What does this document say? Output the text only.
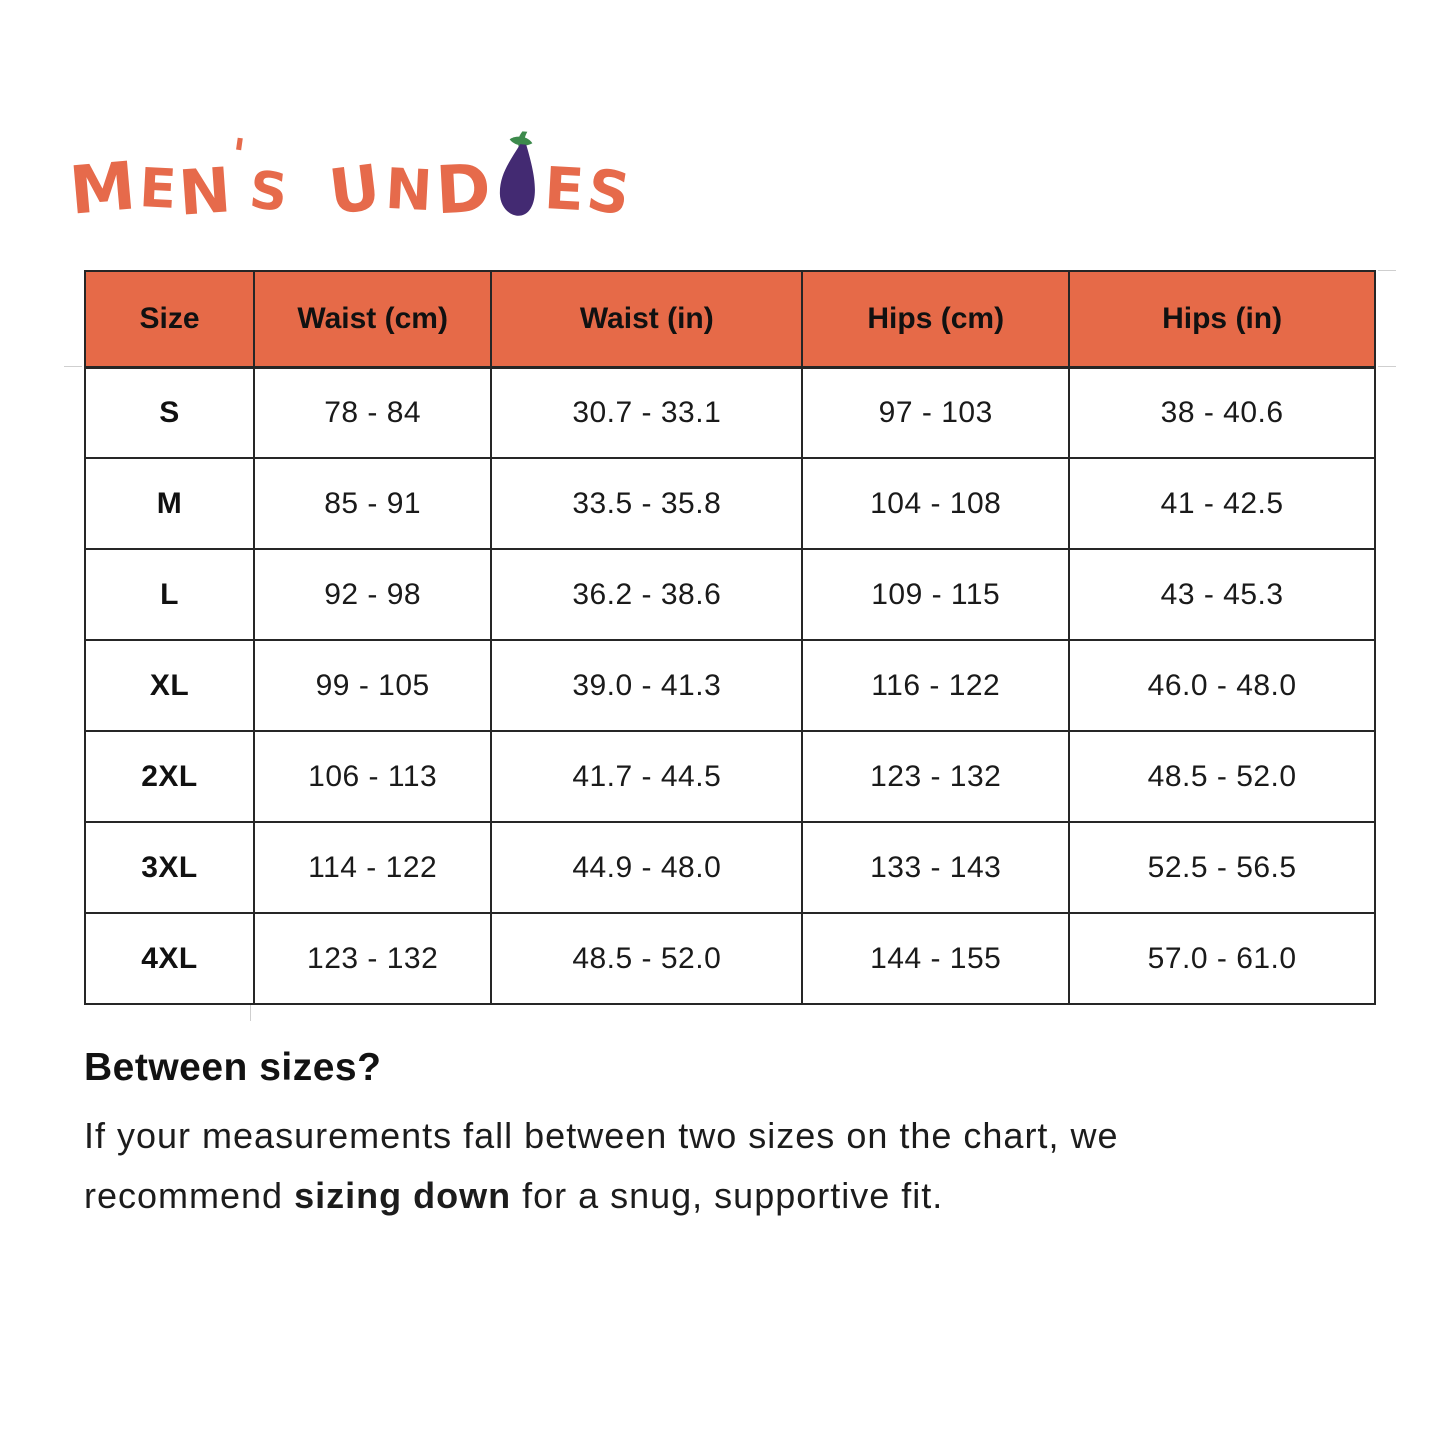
M
E
N
'
S U
N D E
S
Size	Waist (cm)	Waist (in)	Hips (cm)	Hips (in)
S	78 - 84	30.7 - 33.1	97 - 103	38 - 40.6
M	85 - 91	33.5 - 35.8	104 - 108	41 - 42.5
L	92 - 98	36.2 - 38.6	109 - 115	43 - 45.3
XL	99 - 105	39.0 - 41.3	116 - 122	46.0 - 48.0
2XL	106 - 113	41.7 - 44.5	123 - 132	48.5 - 52.0
3XL	114 - 122	44.9 - 48.0	133 - 143	52.5 - 56.5
4XL	123 - 132	48.5 - 52.0	144 - 155	57.0 - 61.0
Between sizes?

If your measurements fall between two sizes on the chart, we
recommend sizing down for a snug, supportive fit.
